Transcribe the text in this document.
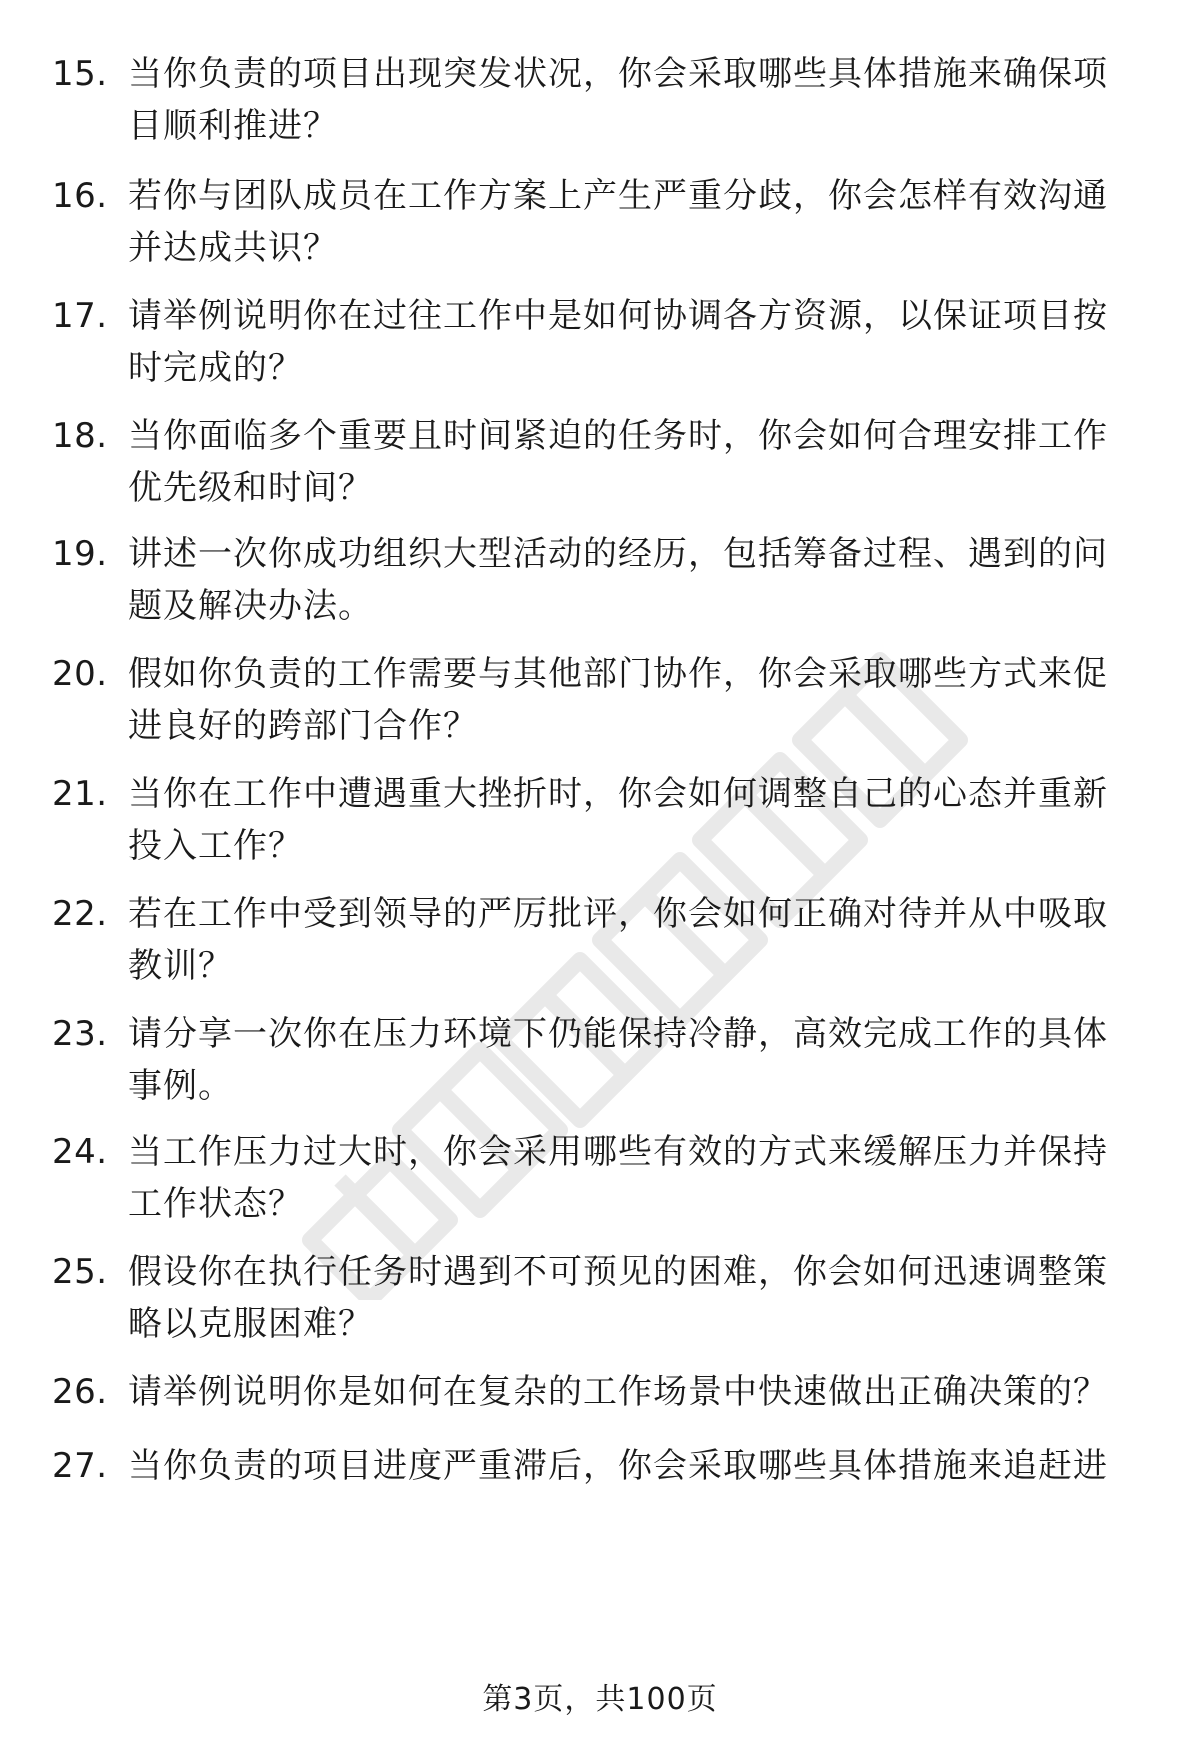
15. 当你负责的项目出现突发状况，你会采取哪些具体措施来确保项目顺利推进？
16. 若你与团队成员在工作方案上产生严重分歧，你会怎样有效沟通并达成共识？
17. 请举例说明你在过往工作中是如何协调各方资源，以保证项目按时完成的？
18. 当你面临多个重要且时间紧迫的任务时，你会如何合理安排工作优先级和时间？
19. 讲述一次你成功组织大型活动的经历，包括筹备过程、遇到的问题及解决办法。
20. 假如你负责的工作需要与其他部门协作，你会采取哪些方式来促进良好的跨部门合作？
21. 当你在工作中遭遇重大挫折时，你会如何调整自己的心态并重新投入工作？
22. 若在工作中受到领导的严厉批评，你会如何正确对待并从中吸取教训？
23. 请分享一次你在压力环境下仍能保持冷静，高效完成工作的具体事例。
24. 当工作压力过大时，你会采用哪些有效的方式来缓解压力并保持工作状态？
25. 假设你在执行任务时遇到不可预见的困难，你会如何迅速调整策略以克服困难？
26. 请举例说明你是如何在复杂的工作场景中快速做出正确决策的？
27. 当你负责的项目进度严重滞后，你会采取哪些具体措施来追赶进
第3页，共100页
